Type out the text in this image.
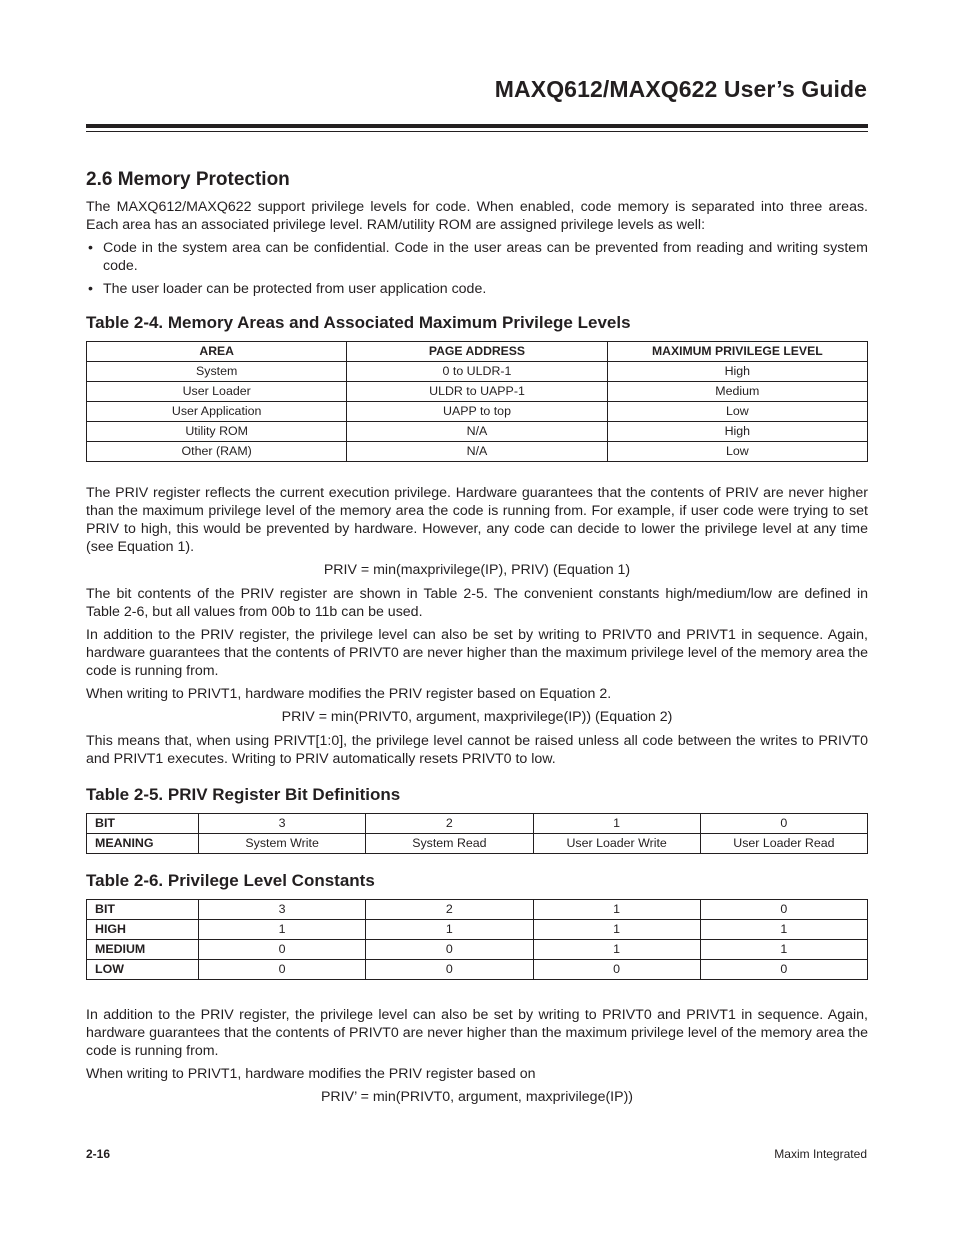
MAXQ612/MAXQ622 User’s Guide
2.6 Memory Protection

The MAXQ612/MAXQ622 support privilege levels for code. When enabled, code memory is separated into three areas. Each area has an associated privilege level. RAM/utility ROM are assigned privilege levels as well:

• Code in the system area can be confidential. Code in the user areas can be prevented from reading and writing system code.
• The user loader can be protected from user application code.
Table 2-4. Memory Areas and Associated Maximum Privilege Levels
AREA	PAGE ADDRESS	MAXIMUM PRIVILEGE LEVEL
System	0 to ULDR-1	High
User Loader	ULDR to UAPP-1	Medium
User Application	UAPP to top	Low
Utility ROM	N/A	High
Other (RAM)	N/A	Low

The PRIV register reflects the current execution privilege. Hardware guarantees that the contents of PRIV are never higher than the maximum privilege level of the memory area the code is running from. For example, if user code were trying to set PRIV to high, this would be prevented by hardware. However, any code can decide to lower the privilege level at any time (see Equation 1).

PRIV = min(maxprivilege(IP), PRIV) (Equation 1)

The bit contents of the PRIV register are shown in Table 2-5. The convenient constants high/medium/low are defined in Table 2-6, but all values from 00b to 11b can be used.

In addition to the PRIV register, the privilege level can also be set by writing to PRIVT0 and PRIVT1 in sequence. Again, hardware guarantees that the contents of PRIVT0 are never higher than the maximum privilege level of the memory area the code is running from.

When writing to PRIVT1, hardware modifies the PRIV register based on Equation 2.

PRIV = min(PRIVT0, argument, maxprivilege(IP)) (Equation 2)

This means that, when using PRIVT[1:0], the privilege level cannot be raised unless all code between the writes to PRIVT0 and PRIVT1 executes. Writing to PRIV automatically resets PRIVT0 to low.

Table 2-5. PRIV Register Bit Definitions
BIT	3	2	1	0
MEANING	System Write	System Read	User Loader Write	User Loader Read
Table 2-6. Privilege Level Constants
BIT	3	2	1	0
HIGH	1	1	1	1
MEDIUM	0	0	1	1
LOW	0	0	0	0

In addition to the PRIV register, the privilege level can also be set by writing to PRIVT0 and PRIVT1 in sequence. Again, hardware guarantees that the contents of PRIVT0 are never higher than the maximum privilege level of the memory area the code is running from.

When writing to PRIVT1, hardware modifies the PRIV register based on

PRIV’ = min(PRIVT0, argument, maxprivilege(IP))
2-16	Maxim Integrated
